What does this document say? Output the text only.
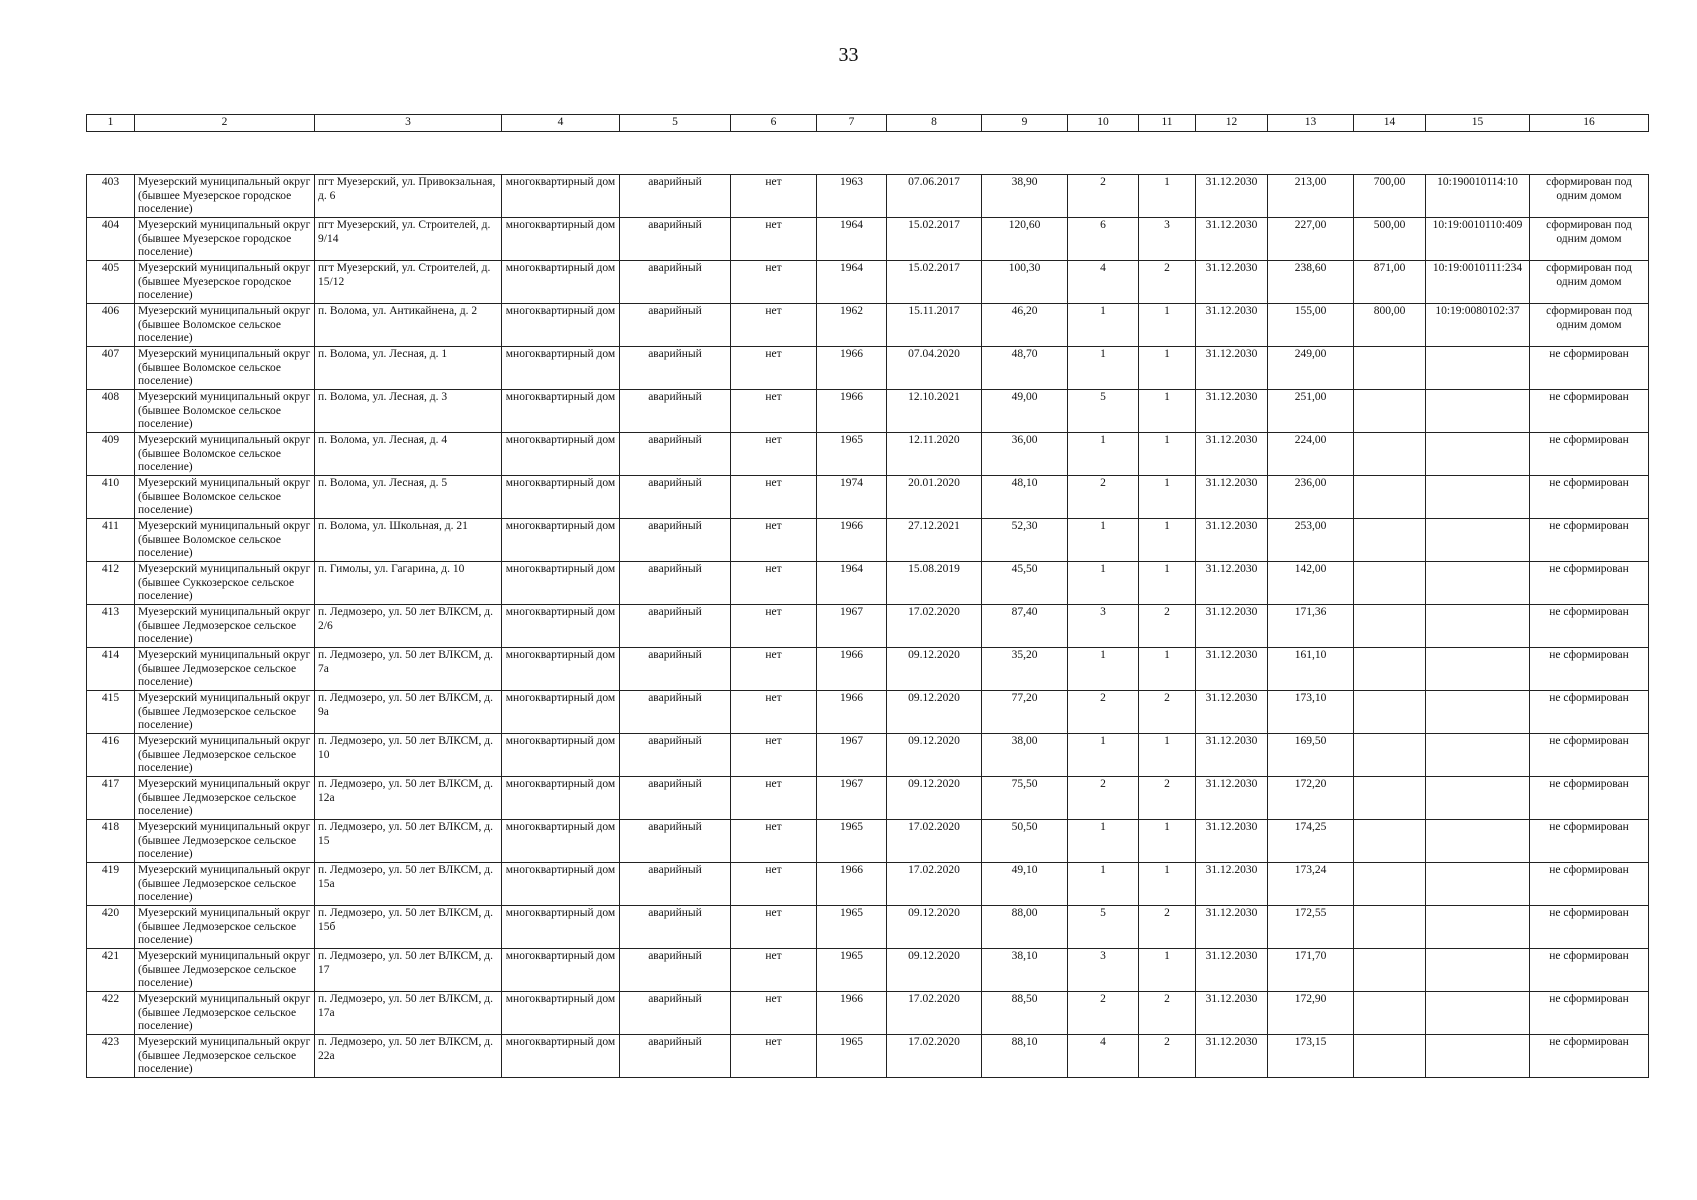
33
1	2	3	4	5	6	7	8	9	10	11	12	13	14	15	16

403	Муезерский муниципальный округ (бывшее Муезерское городское поселение)	пгт Муезерский, ул. Привокзальная, д. 6	многоквартирный дом	аварийный	нет	1963	07.06.2017	38,90	2	1	31.12.2030	213,00	700,00	10:190010114:10	сформирован под одним домом
404	Муезерский муниципальный округ (бывшее Муезерское городское поселение)	пгт Муезерский, ул. Строителей, д. 9/14	многоквартирный дом	аварийный	нет	1964	15.02.2017	120,60	6	3	31.12.2030	227,00	500,00	10:19:0010110:409	сформирован под одним домом
405	Муезерский муниципальный округ (бывшее Муезерское городское поселение)	пгт Муезерский, ул. Строителей, д. 15/12	многоквартирный дом	аварийный	нет	1964	15.02.2017	100,30	4	2	31.12.2030	238,60	871,00	10:19:0010111:234	сформирован под одним домом
406	Муезерский муниципальный округ (бывшее Воломское сельское поселение)	п. Волома, ул. Антикайнена, д. 2	многоквартирный дом	аварийный	нет	1962	15.11.2017	46,20	1	1	31.12.2030	155,00	800,00	10:19:0080102:37	сформирован под одним домом
407	Муезерский муниципальный округ (бывшее Воломское сельское поселение)	п. Волома, ул. Лесная, д. 1	многоквартирный дом	аварийный	нет	1966	07.04.2020	48,70	1	1	31.12.2030	249,00			не сформирован
408	Муезерский муниципальный округ (бывшее Воломское сельское поселение)	п. Волома, ул. Лесная, д. 3	многоквартирный дом	аварийный	нет	1966	12.10.2021	49,00	5	1	31.12.2030	251,00			не сформирован
409	Муезерский муниципальный округ (бывшее Воломское сельское поселение)	п. Волома, ул. Лесная, д. 4	многоквартирный дом	аварийный	нет	1965	12.11.2020	36,00	1	1	31.12.2030	224,00			не сформирован
410	Муезерский муниципальный округ (бывшее Воломское сельское поселение)	п. Волома, ул. Лесная, д. 5	многоквартирный дом	аварийный	нет	1974	20.01.2020	48,10	2	1	31.12.2030	236,00			не сформирован
411	Муезерский муниципальный округ (бывшее Воломское сельское поселение)	п. Волома, ул. Школьная, д. 21	многоквартирный дом	аварийный	нет	1966	27.12.2021	52,30	1	1	31.12.2030	253,00			не сформирован
412	Муезерский муниципальный округ (бывшее Суккозерское сельское поселение)	п. Гимолы, ул. Гагарина, д. 10	многоквартирный дом	аварийный	нет	1964	15.08.2019	45,50	1	1	31.12.2030	142,00			не сформирован
413	Муезерский муниципальный округ (бывшее Ледмозерское сельское поселение)	п. Ледмозеро, ул. 50 лет ВЛКСМ, д. 2/6	многоквартирный дом	аварийный	нет	1967	17.02.2020	87,40	3	2	31.12.2030	171,36			не сформирован
414	Муезерский муниципальный округ (бывшее Ледмозерское сельское поселение)	п. Ледмозеро, ул. 50 лет ВЛКСМ, д. 7а	многоквартирный дом	аварийный	нет	1966	09.12.2020	35,20	1	1	31.12.2030	161,10			не сформирован
415	Муезерский муниципальный округ (бывшее Ледмозерское сельское поселение)	п. Ледмозеро, ул. 50 лет ВЛКСМ, д. 9а	многоквартирный дом	аварийный	нет	1966	09.12.2020	77,20	2	2	31.12.2030	173,10			не сформирован
416	Муезерский муниципальный округ (бывшее Ледмозерское сельское поселение)	п. Ледмозеро, ул. 50 лет ВЛКСМ, д. 10	многоквартирный дом	аварийный	нет	1967	09.12.2020	38,00	1	1	31.12.2030	169,50			не сформирован
417	Муезерский муниципальный округ (бывшее Ледмозерское сельское поселение)	п. Ледмозеро, ул. 50 лет ВЛКСМ, д. 12а	многоквартирный дом	аварийный	нет	1967	09.12.2020	75,50	2	2	31.12.2030	172,20			не сформирован
418	Муезерский муниципальный округ (бывшее Ледмозерское сельское поселение)	п. Ледмозеро, ул. 50 лет ВЛКСМ, д. 15	многоквартирный дом	аварийный	нет	1965	17.02.2020	50,50	1	1	31.12.2030	174,25			не сформирован
419	Муезерский муниципальный округ (бывшее Ледмозерское сельское поселение)	п. Ледмозеро, ул. 50 лет ВЛКСМ, д. 15а	многоквартирный дом	аварийный	нет	1966	17.02.2020	49,10	1	1	31.12.2030	173,24			не сформирован
420	Муезерский муниципальный округ (бывшее Ледмозерское сельское поселение)	п. Ледмозеро, ул. 50 лет ВЛКСМ, д. 15б	многоквартирный дом	аварийный	нет	1965	09.12.2020	88,00	5	2	31.12.2030	172,55			не сформирован
421	Муезерский муниципальный округ (бывшее Ледмозерское сельское поселение)	п. Ледмозеро, ул. 50 лет ВЛКСМ, д. 17	многоквартирный дом	аварийный	нет	1965	09.12.2020	38,10	3	1	31.12.2030	171,70			не сформирован
422	Муезерский муниципальный округ (бывшее Ледмозерское сельское поселение)	п. Ледмозеро, ул. 50 лет ВЛКСМ, д. 17а	многоквартирный дом	аварийный	нет	1966	17.02.2020	88,50	2	2	31.12.2030	172,90			не сформирован
423	Муезерский муниципальный округ (бывшее Ледмозерское сельское поселение)	п. Ледмозеро, ул. 50 лет ВЛКСМ, д. 22а	многоквартирный дом	аварийный	нет	1965	17.02.2020	88,10	4	2	31.12.2030	173,15			не сформирован
